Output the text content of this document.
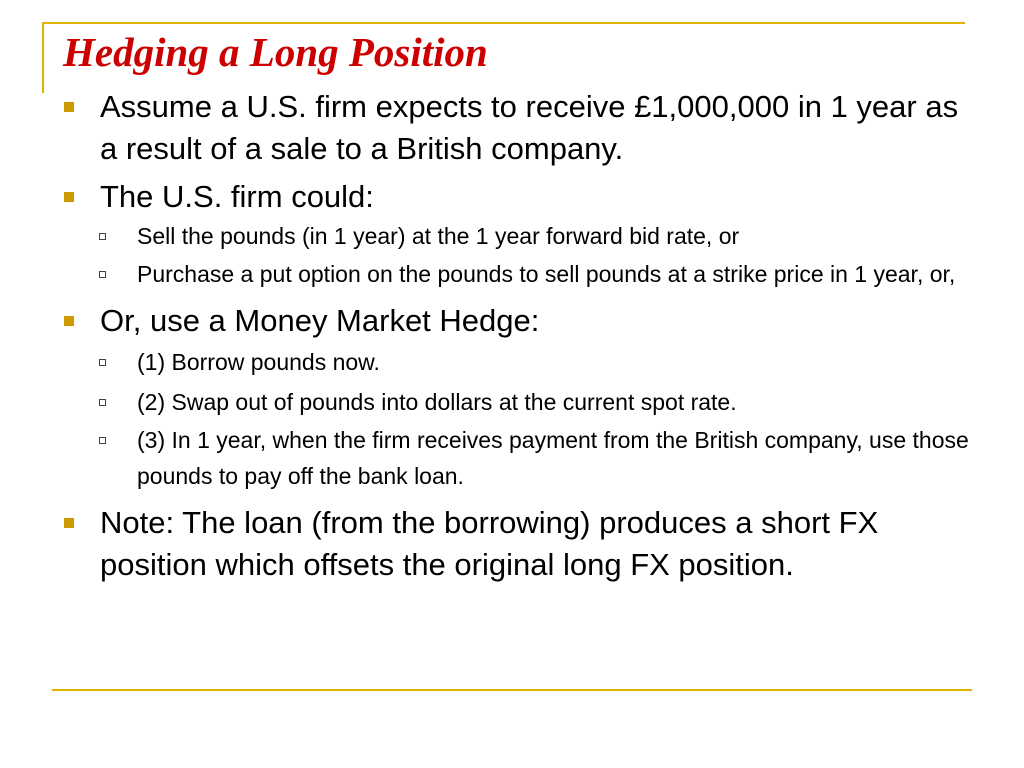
Hedging a Long Position
Assume a U.S. firm expects to receive £1,000,000 in 1 year as a result of a sale to a British company.
The U.S. firm could:
Sell the pounds (in 1 year) at the 1 year forward bid rate, or
Purchase a put option on the pounds to sell pounds at a strike price in 1 year, or,
Or, use a Money Market Hedge:
(1) Borrow pounds now.
(2) Swap out of pounds into dollars at the current spot rate.
(3) In 1 year, when the firm receives payment from the British company, use those pounds to pay off the bank loan.
Note: The loan (from the borrowing) produces a short FX position which offsets the original long FX position.
